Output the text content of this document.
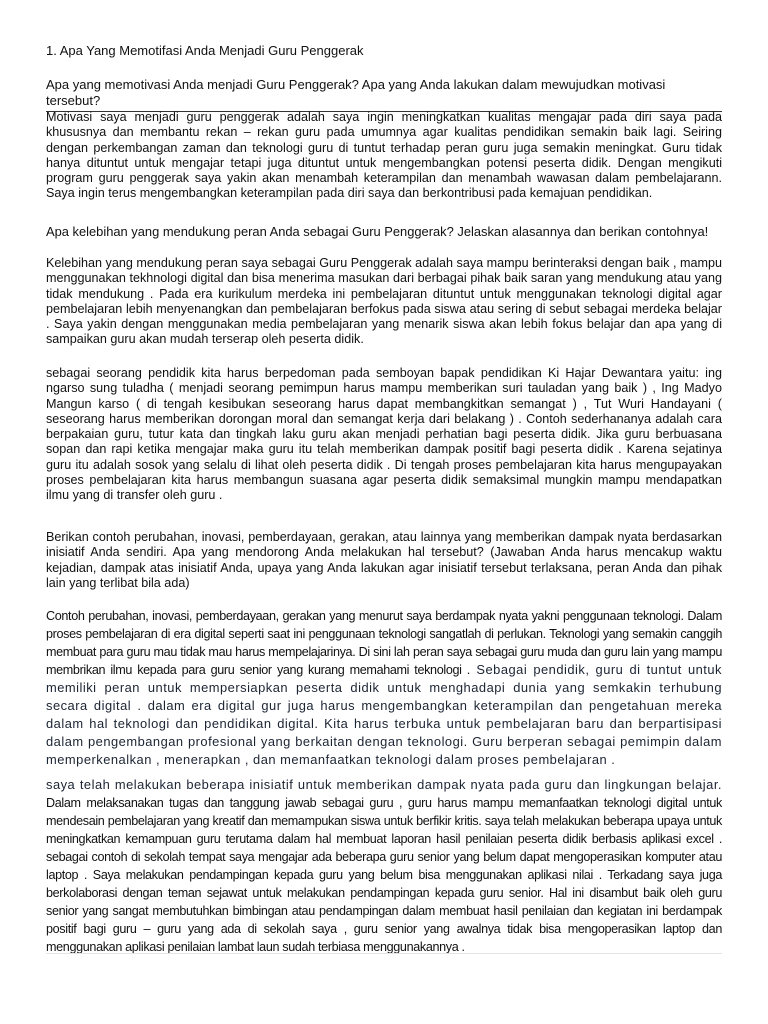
1. Apa Yang Memotifasi Anda Menjadi Guru Penggerak
Apa yang memotivasi Anda menjadi Guru Penggerak? Apa yang Anda lakukan dalam mewujudkan motivasi tersebut?

Motivasi saya menjadi guru penggerak adalah saya ingin meningkatkan kualitas mengajar pada diri saya pada khususnya dan membantu rekan – rekan guru pada umumnya agar kualitas pendidikan semakin baik lagi. Seiring dengan perkembangan zaman dan teknologi guru di tuntut terhadap peran guru juga semakin meningkat. Guru tidak hanya dituntut untuk mengajar tetapi juga dituntut untuk mengembangkan potensi peserta didik. Dengan mengikuti program guru penggerak saya yakin akan menambah keterampilan dan menambah wawasan dalam pembelajarann. Saya ingin terus mengembangkan keterampilan pada diri saya dan berkontribusi pada kemajuan pendidikan.

Apa kelebihan yang mendukung peran Anda sebagai Guru Penggerak? Jelaskan alasannya dan berikan contohnya!

Kelebihan yang mendukung peran saya sebagai Guru Penggerak adalah saya mampu berinteraksi dengan baik , mampu menggunakan tekhnologi digital dan bisa menerima masukan dari berbagai pihak baik saran yang mendukung atau yang tidak mendukung . Pada era kurikulum merdeka ini pembelajaran dituntut untuk menggunakan teknologi digital agar pembelajaran lebih menyenangkan dan pembelajaran berfokus pada siswa atau sering di sebut sebagai merdeka belajar . Saya yakin dengan menggunakan media pembelajaran yang menarik siswa akan lebih fokus belajar dan apa yang di sampaikan guru akan mudah terserap oleh peserta didik.

sebagai seorang pendidik kita harus berpedoman pada semboyan bapak pendidikan Ki Hajar Dewantara yaitu: ing ngarso sung tuladha ( menjadi seorang pemimpun harus mampu memberikan suri tauladan yang baik ) , Ing Madyo Mangun karso ( di tengah kesibukan seseorang harus dapat membangkitkan semangat ) , Tut Wuri Handayani ( seseorang harus memberikan dorongan moral dan semangat kerja dari belakang ) . Contoh sederhananya adalah cara berpakaian guru, tutur kata dan tingkah laku guru akan menjadi perhatian bagi peserta didik. Jika guru berbuasana sopan dan rapi ketika mengajar maka guru itu telah memberikan dampak positif bagi peserta didik . Karena sejatinya guru itu adalah sosok yang selalu di lihat oleh peserta didik . Di tengah proses pembelajaran kita harus mengupayakan proses pembelajaran kita harus membangun suasana agar peserta didik semaksimal mungkin mampu mendapatkan ilmu yang di transfer oleh guru .

Berikan contoh perubahan, inovasi, pemberdayaan, gerakan, atau lainnya yang memberikan dampak nyata berdasarkan inisiatif Anda sendiri. Apa yang mendorong Anda melakukan hal tersebut? (Jawaban Anda harus mencakup waktu kejadian, dampak atas inisiatif Anda, upaya yang Anda lakukan agar inisiatif tersebut terlaksana, peran Anda dan pihak lain yang terlibat bila ada)

Contoh perubahan, inovasi, pemberdayaan, gerakan yang menurut saya berdampak nyata yakni penggunaan teknologi. Dalam proses pembelajaran di era digital seperti saat ini penggunaan teknologi sangatlah di perlukan. Teknologi yang semakin canggih membuat para guru mau tidak mau harus mempelajarinya. Di sini lah peran saya sebagai guru muda dan guru lain yang mampu membrikan ilmu kepada para guru senior yang kurang memahami teknologi . Sebagai pendidik, guru di tuntut untuk memiliki peran untuk mempersiapkan peserta didik untuk menghadapi dunia yang semkakin terhubung secara digital . dalam era digital gur juga harus mengembangkan keterampilan dan pengetahuan mereka dalam hal teknologi dan pendidikan digital. Kita harus terbuka untuk pembelajaran baru dan berpartisipasi dalam pengembangan profesional yang berkaitan dengan teknologi. Guru berperan sebagai pemimpin dalam memperkenalkan , menerapkan , dan memanfaatkan teknologi dalam proses pembelajaran .

saya telah melakukan beberapa inisiatif untuk memberikan dampak nyata pada guru dan lingkungan belajar. Dalam melaksanakan tugas dan tanggung jawab sebagai guru , guru harus mampu memanfaatkan teknologi digital untuk mendesain pembelajaran yang kreatif dan memampukan siswa untuk berfikir kritis. saya telah melakukan beberapa upaya untuk meningkatkan kemampuan guru terutama dalam hal membuat laporan hasil penilaian peserta didik berbasis aplikasi excel . sebagai contoh di sekolah tempat saya mengajar ada beberapa guru senior yang belum dapat mengoperasikan komputer atau laptop . Saya melakukan pendampingan kepada guru yang belum bisa menggunakan aplikasi nilai . Terkadang saya juga berkolaborasi dengan teman sejawat untuk melakukan pendampingan kepada guru senior. Hal ini disambut baik oleh guru senior yang sangat membutuhkan bimbingan atau pendampingan dalam membuat hasil penilaian dan kegiatan ini berdampak positif bagi guru – guru yang ada di sekolah saya , guru senior yang awalnya tidak bisa mengoperasikan laptop dan menggunakan aplikasi penilaian lambat laun sudah terbiasa menggunakannya .
